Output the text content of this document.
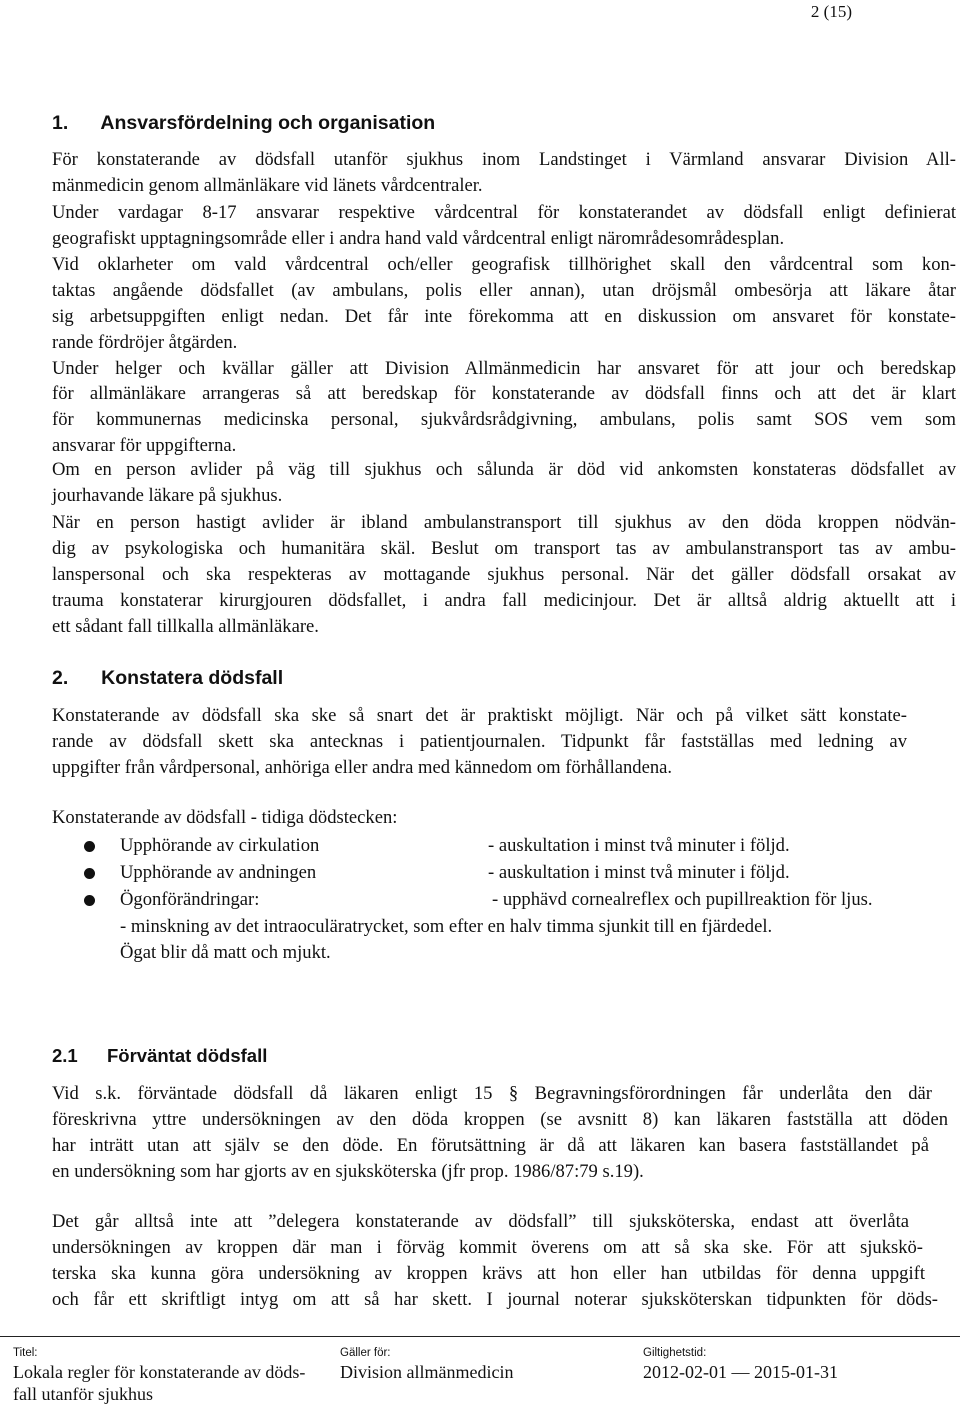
2 (15)
1. Ansvarsfördelning och organisation
För konstaterande av dödsfall utanför sjukhus inom Landstinget i Värmland ansvarar Division All-
mänmedicin genom allmänläkare vid länets vårdcentraler.
Under vardagar 8-17 ansvarar respektive vårdcentral för konstaterandet av dödsfall enligt definierat
geografiskt upptagningsområde eller i andra hand vald vårdcentral enligt närområdesområdesplan.
Vid oklarheter om vald vårdcentral och/eller geografisk tillhörighet skall den vårdcentral som kon-
taktas angående dödsfallet (av ambulans, polis eller annan), utan dröjsmål ombesörja att läkare åtar
sig arbetsuppgiften enligt nedan. Det får inte förekomma att en diskussion om ansvaret för konstate-
rande fördröjer åtgärden.
Under helger och kvällar gäller att Division Allmänmedicin har ansvaret för att jour och beredskap
för allmänläkare arrangeras så att beredskap för konstaterande av dödsfall finns och att det är klart
för kommunernas medicinska personal, sjukvårdsrådgivning, ambulans, polis samt SOS vem som
ansvarar för uppgifterna.
Om en person avlider på väg till sjukhus och sålunda är död vid ankomsten konstateras dödsfallet av
jourhavande läkare på sjukhus.
När en person hastigt avlider är ibland ambulanstransport till sjukhus av den döda kroppen nödvän-
dig av psykologiska och humanitära skäl. Beslut om transport tas av ambulanstransport tas av ambu-
lanspersonal och ska respekteras av mottagande sjukhus personal. När det gäller dödsfall orsakat av
trauma konstaterar kirurgjouren dödsfallet, i andra fall medicinjour. Det är alltså aldrig aktuellt att i
ett sådant fall tillkalla allmänläkare.
2. Konstatera dödsfall
Konstaterande av dödsfall ska ske så snart det är praktiskt möjligt. När och på vilket sätt konstate-
rande av dödsfall skett ska antecknas i patientjournalen. Tidpunkt får fastställas med ledning av
uppgifter från vårdpersonal, anhöriga eller andra med kännedom om förhållandena.
Konstaterande av dödsfall - tidiga dödstecken:
Upphörande av cirkulation	- auskultation i minst två minuter i följd.
Upphörande av andningen	- auskultation i minst två minuter i följd.
Ögonförändringar:	- upphävd cornealreflex och pupillreaktion för ljus.
- minskning av det intraoculäratrycket, som efter en halv timma sjunkit till en fjärdedel.
Ögat blir då matt och mjukt.
2.1 Förväntat dödsfall
Vid s.k. förväntade dödsfall då läkaren enligt 15 § Begravningsförordningen får underlåta den där
föreskrivna yttre undersökningen av den döda kroppen (se avsnitt 8) kan läkaren fastställa att döden
har inträtt utan att själv se den döde. En förutsättning är då att läkaren kan basera fastställandet på
en undersökning som har gjorts av en sjuksköterska (jfr prop. 1986/87:79 s.19).
Det går alltså inte att ”delegera konstaterande av dödsfall” till sjuksköterska, endast att överlåta
undersökningen av kroppen där man i förväg kommit överens om att så ska ske. För att sjukskö-
terska ska kunna göra undersökning av kroppen krävs att hon eller han utbildas för denna uppgift
och får ett skriftligt intyg om att så har skett. I journal noterar sjuksköterskan tidpunkten för döds-
Titel:
Lokala regler för konstaterande av döds-
fall utanför sjukhus
Gäller för:
Division allmänmedicin
Giltighetstid:
2012-02-01 — 2015-01-31
